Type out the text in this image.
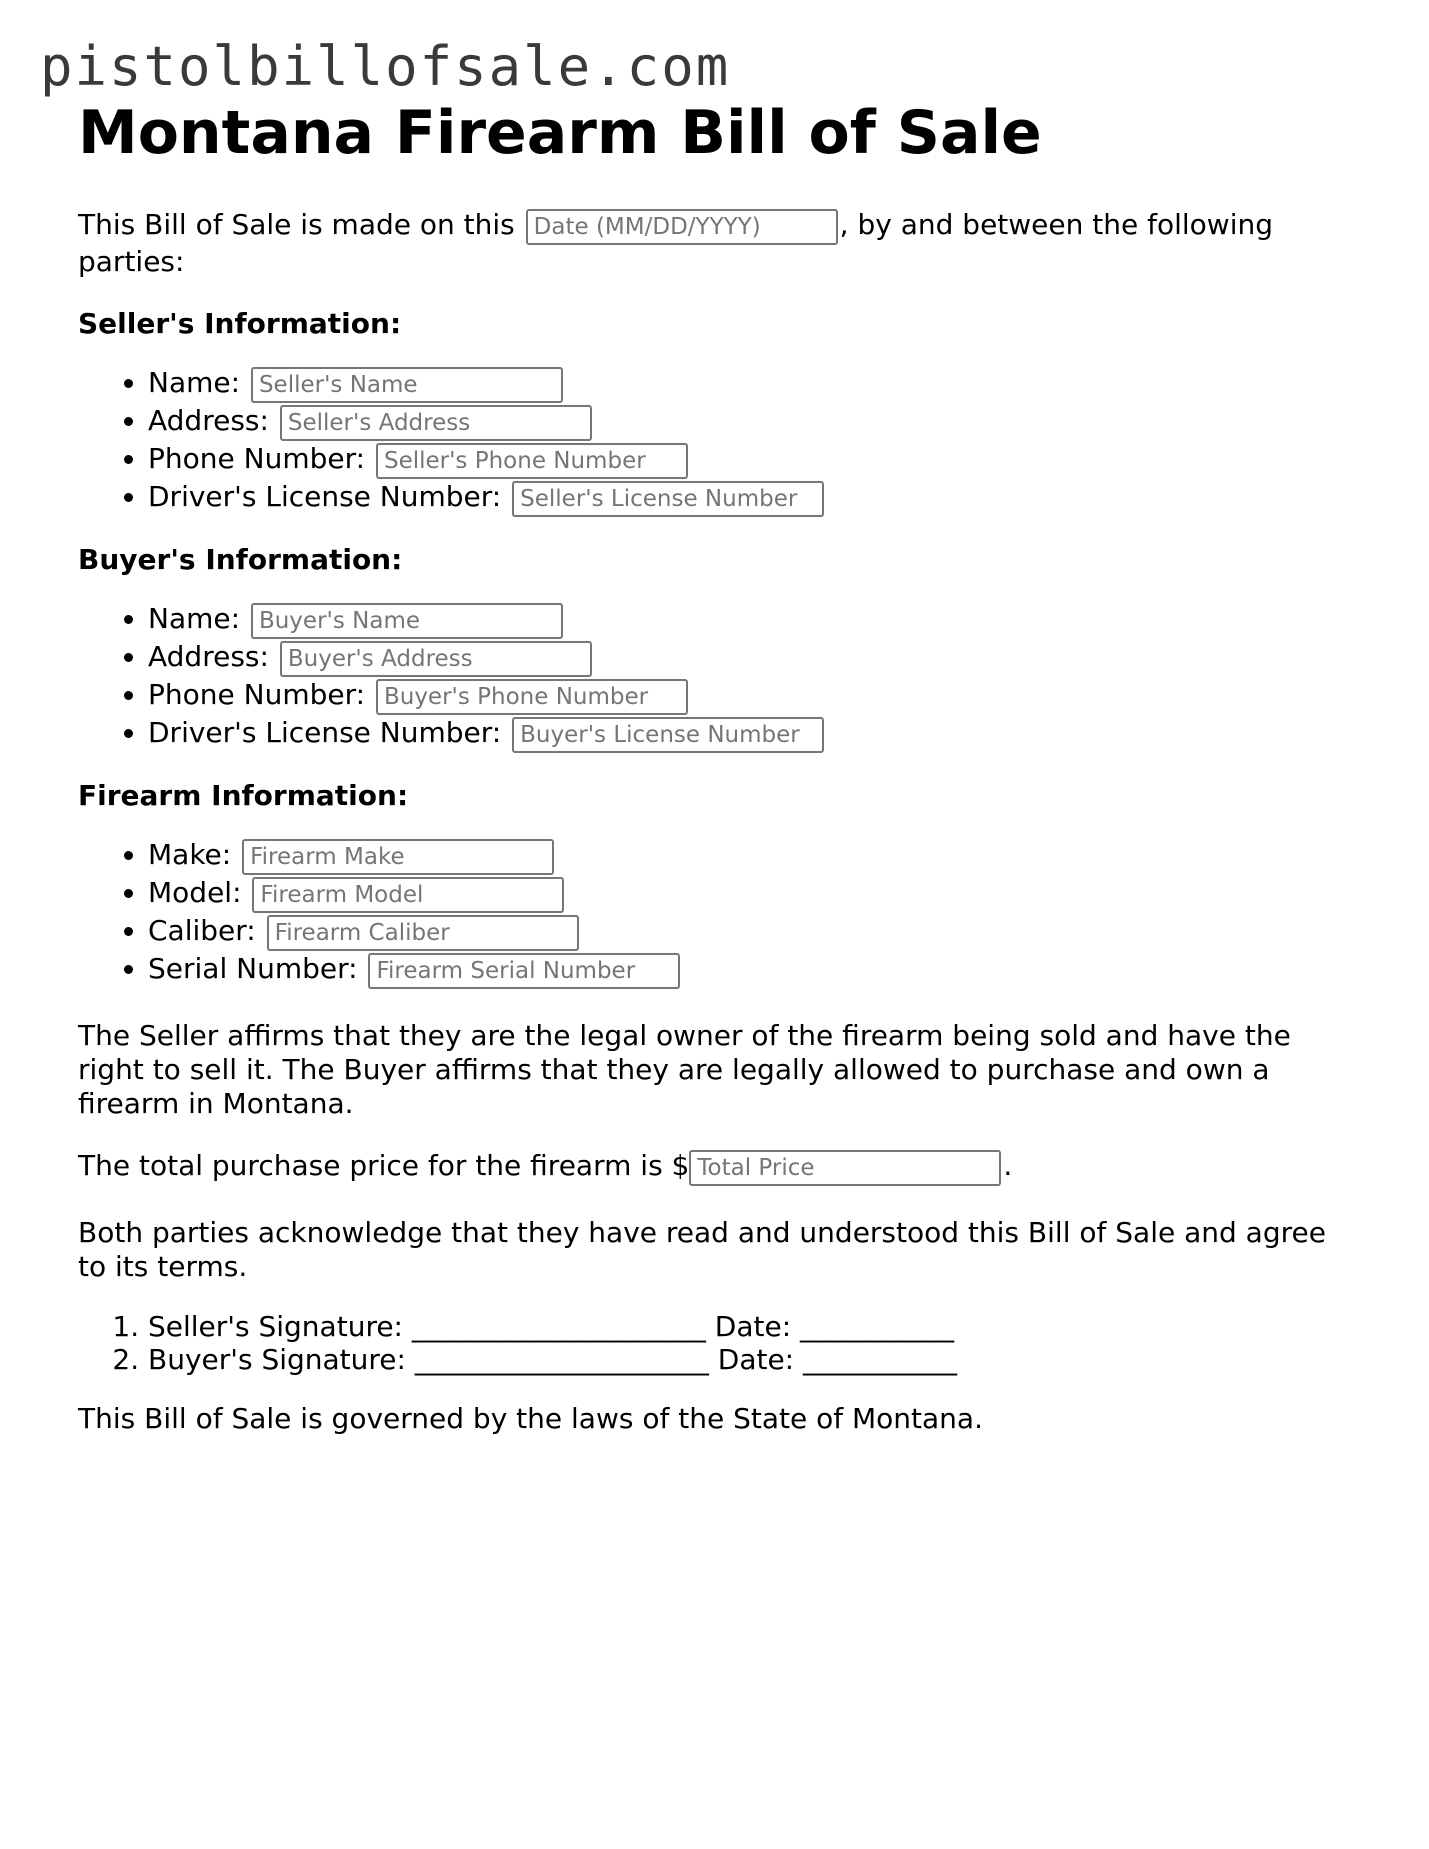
pistolbillofsale.com
Montana Firearm Bill of Sale

This Bill of Sale is made on this Date (MM/DD/YYYY)	, by and between the following parties:

Seller's Information:
• Name: Seller's Name
• Address: Seller's Address
• Phone Number: Seller's Phone Number
• Driver's License Number: Seller's License Number
Buyer's Information:
• Name: Buyer's Name
• Address: Buyer's Address
• Phone Number: Buyer's Phone Number
• Driver's License Number: Buyer's License Number
Firearm Information:
• Make: Firearm Make
• Model: Firearm Model
• Caliber: Firearm Caliber
• Serial Number: Firearm Serial Number

The Seller affirms that they are the legal owner of the firearm being sold and have the right to sell it. The Buyer affirms that they are legally allowed to purchase and own a firearm in Montana.

The total purchase price for the firearm is $Total Price	.

Both parties acknowledge that they have read and understood this Bill of Sale and agree to its terms.

1. Seller's Signature: _____________________ Date: ___________
2. Buyer's Signature: _____________________ Date: ___________

This Bill of Sale is governed by the laws of the State of Montana.
